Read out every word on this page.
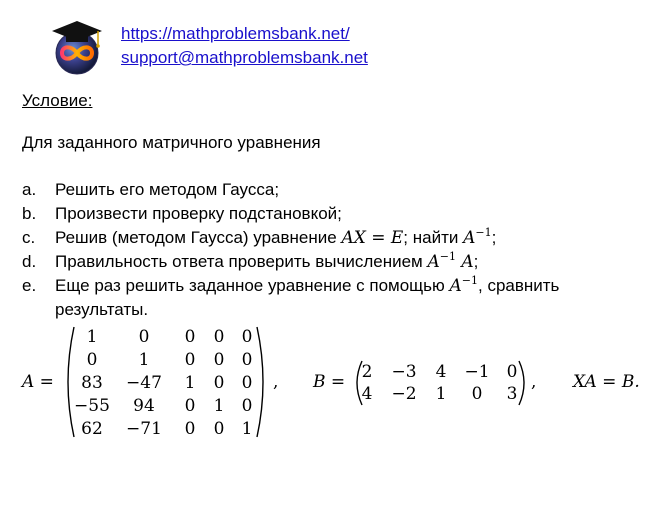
https://mathproblemsbank.net/
support@mathproblemsbank.net
Условие:
Для заданного матричного уравнения
a. Решить его методом Гаусса;
b. Произвести проверку подстановкой;
c. Решив (методом Гаусса) уравнение AX = E; найти $A^{-1}$;
d. Правильность ответа проверить вычислением $A^{-1}$ A;
e. Еще раз решить заданное уравнение с помощью $A^{-1}$, сравнить результаты.
A =
1	0	0	0	0
0	1	0	0	0
83	−47	1	0	0
−55	94	0	1	0
62	−71	0	0	1
, B = 2	−3	4	−1	0
4	−2	1	0	3
, XA = B.
